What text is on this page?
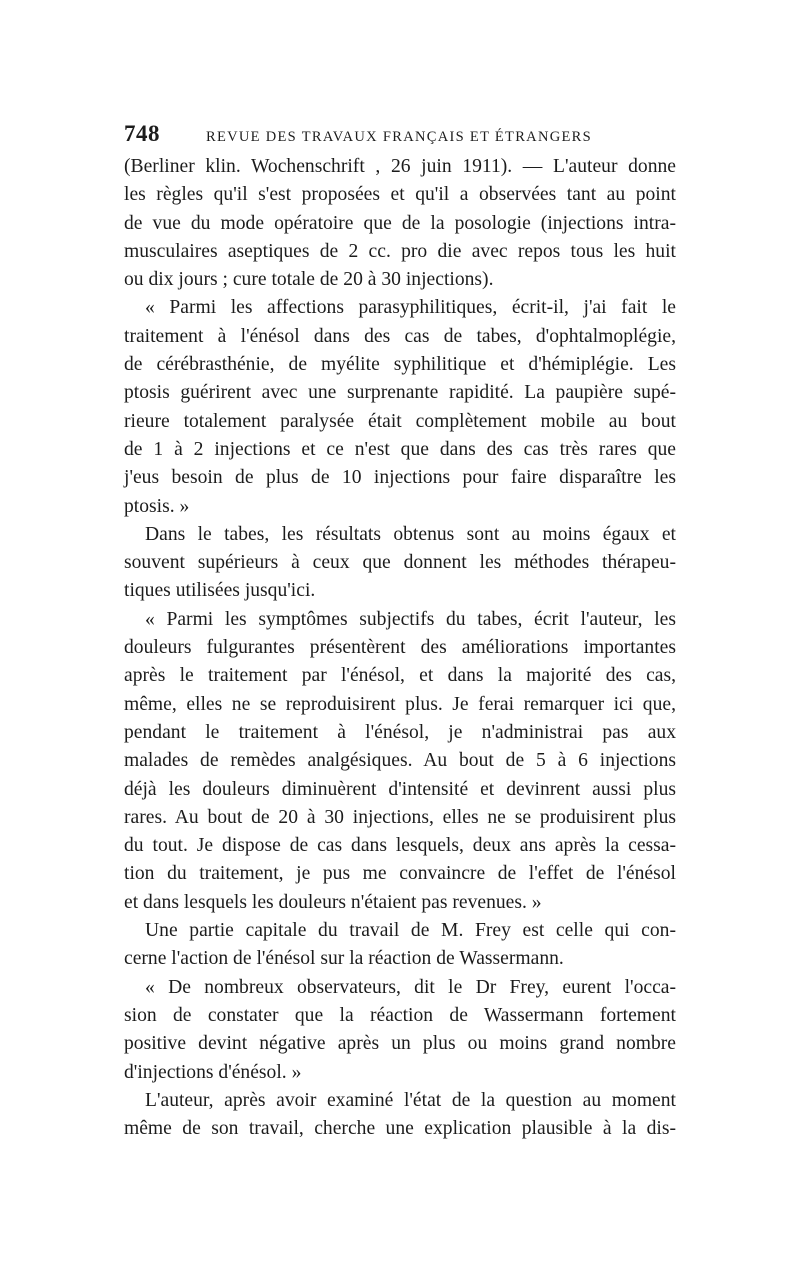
748	REVUE DES TRAVAUX FRANÇAIS ET ÉTRANGERS

(Berliner klin. Wochenschrift , 26 juin 1911). — L'auteur donne
les règles qu'il s'est proposées et qu'il a observées tant au point
de vue du mode opératoire que de la posologie (injections intra-
musculaires aseptiques de 2 cc. pro die avec repos tous les huit
ou dix jours ; cure totale de 20 à 30 injections).

« Parmi les affections parasyphilitiques, écrit-il, j'ai fait le
traitement à l'énésol dans des cas de tabes, d'ophtalmoplégie,
de cérébrasthénie, de myélite syphilitique et d'hémiplégie. Les
ptosis guérirent avec une surprenante rapidité. La paupière supé-
rieure totalement paralysée était complètement mobile au bout
de 1 à 2 injections et ce n'est que dans des cas très rares que
j'eus besoin de plus de 10 injections pour faire disparaître les
ptosis. »

Dans le tabes, les résultats obtenus sont au moins égaux et
souvent supérieurs à ceux que donnent les méthodes thérapeu-
tiques utilisées jusqu'ici.

« Parmi les symptômes subjectifs du tabes, écrit l'auteur, les
douleurs fulgurantes présentèrent des améliorations importantes
après le traitement par l'énésol, et dans la majorité des cas,
même, elles ne se reproduisirent plus. Je ferai remarquer ici que,
pendant le traitement à l'énésol, je n'administrai pas aux
malades de remèdes analgésiques. Au bout de 5 à 6 injections
déjà les douleurs diminuèrent d'intensité et devinrent aussi plus
rares. Au bout de 20 à 30 injections, elles ne se produisirent plus
du tout. Je dispose de cas dans lesquels, deux ans après la cessa-
tion du traitement, je pus me convaincre de l'effet de l'énésol
et dans lesquels les douleurs n'étaient pas revenues. »

Une partie capitale du travail de M. Frey est celle qui con-
cerne l'action de l'énésol sur la réaction de Wassermann.

« De nombreux observateurs, dit le Dr Frey, eurent l'occa-
sion de constater que la réaction de Wassermann fortement
positive devint négative après un plus ou moins grand nombre
d'injections d'énésol. »

L'auteur, après avoir examiné l'état de la question au moment
même de son travail, cherche une explication plausible à la dis-
